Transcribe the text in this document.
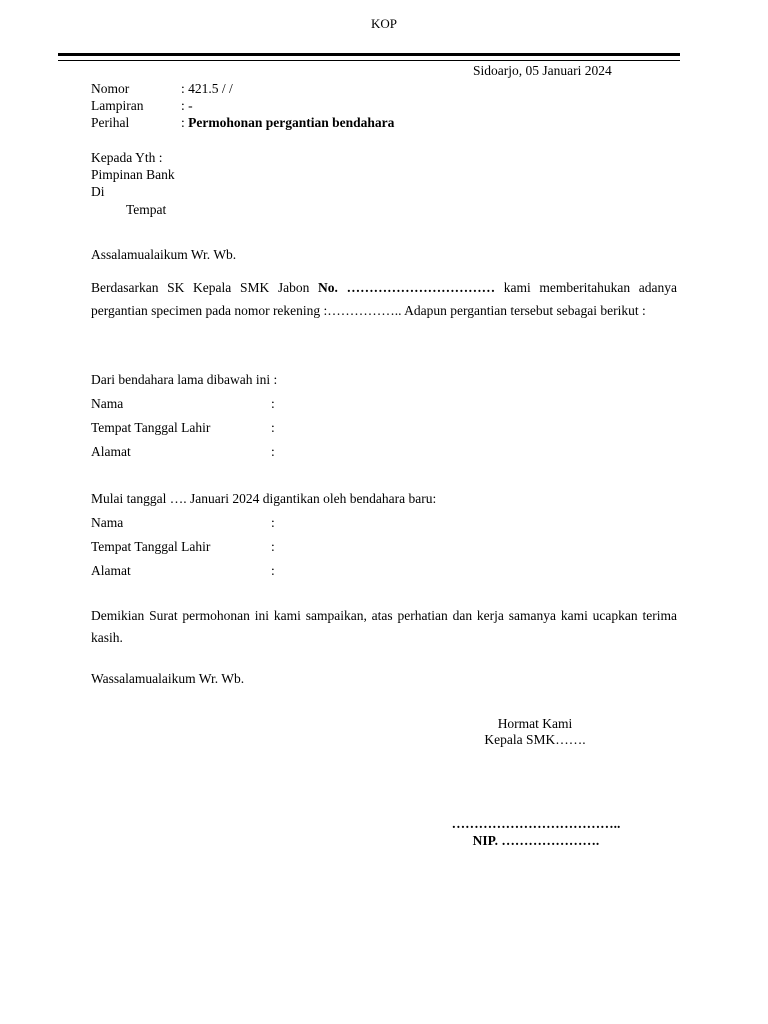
KOP
Sidoarjo, 05 Januari 2024
Nomor	: 421.5 / /
Lampiran	: -
Perihal	: Permohonan pergantian bendahara
Kepada Yth :
Pimpinan Bank
Di
Tempat
Assalamualaikum Wr. Wb.
Berdasarkan SK Kepala SMK Jabon No. …………………………… kami memberitahukan adanya pergantian specimen pada nomor rekening :…………….. Adapun pergantian tersebut sebagai berikut :
Dari bendahara lama dibawah ini :
Nama	:
Tempat Tanggal Lahir	:
Alamat	:
Mulai tanggal …. Januari 2024 digantikan oleh bendahara baru:
Nama	:
Tempat Tanggal Lahir	:
Alamat	:
Demikian Surat permohonan ini kami sampaikan, atas perhatian dan kerja samanya kami ucapkan terima kasih.
Wassalamualaikum Wr. Wb.
Hormat Kami
Kepala SMK…….
………………………………..
NIP. ………………….
